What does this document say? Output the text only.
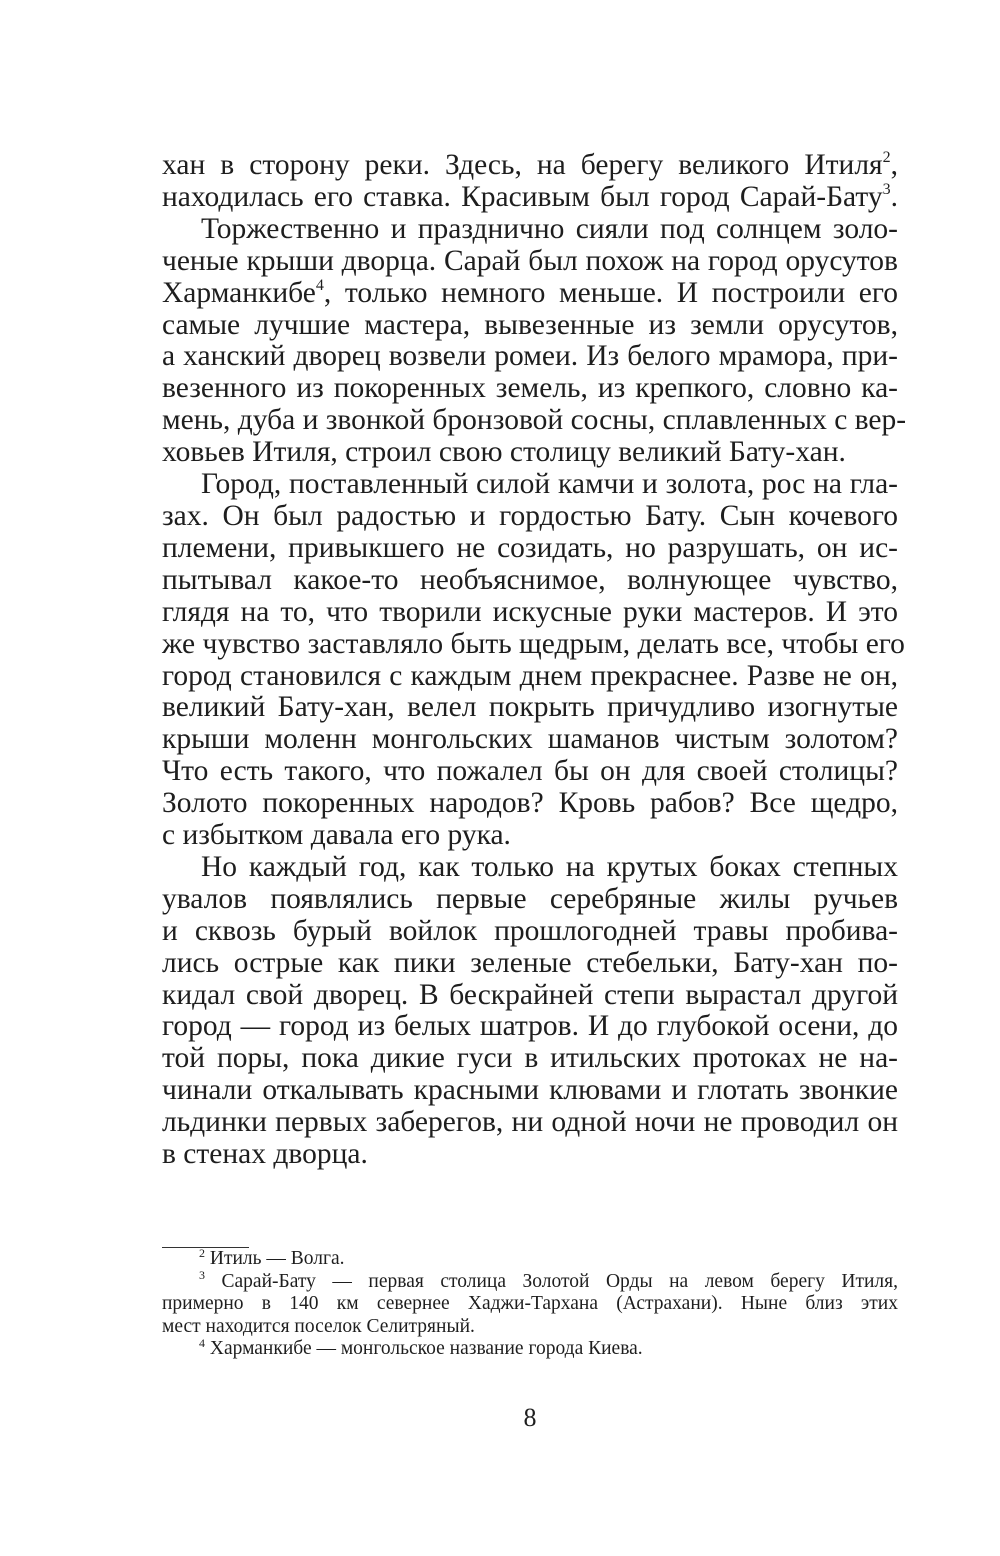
хан в сторону реки. Здесь, на берегу великого Итиля$^2$,
находилась его ставка. Красивым был город Сарай-Бату$^3$.
Торжественно и празднично сияли под солнцем золо-
ченые крыши дворца. Сарай был похож на город орусутов
Харманкибе$^4$, только немного меньше. И построили его
самые лучшие мастера, вывезенные из земли орусутов,
а ханский дворец возвели ромеи. Из белого мрамора, при-
везенного из покоренных земель, из крепкого, словно ка-
мень, дуба и звонкой бронзовой сосны, сплавленных с вер-
ховьев Итиля, строил свою столицу великий Бату-хан.
Город, поставленный силой камчи и золота, рос на гла-
зах. Он был радостью и гордостью Бату. Сын кочевого
племени, привыкшего не созидать, но разрушать, он ис-
пытывал какое-то необъяснимое, волнующее чувство,
глядя на то, что творили искусные руки мастеров. И это
же чувство заставляло быть щедрым, делать все, чтобы его
город становился с каждым днем прекраснее. Разве не он,
великий Бату-хан, велел покрыть причудливо изогнутые
крыши моленн монгольских шаманов чистым золотом?
Что есть такого, что пожалел бы он для своей столицы?
Золото покоренных народов? Кровь рабов? Все щедро,
с избытком давала его рука.
Но каждый год, как только на крутых боках степных
увалов появлялись первые серебряные жилы ручьев
и сквозь бурый войлок прошлогодней травы пробива-
лись острые как пики зеленые стебельки, Бату-хан по-
кидал свой дворец. В бескрайней степи вырастал другой
город — город из белых шатров. И до глубокой осени, до
той поры, пока дикие гуси в итильских протоках не на-
чинали откалывать красными клювами и глотать звонкие
льдинки первых заберегов, ни одной ночи не проводил он
в стенах дворца.
$^2$ Итиль — Волга.
$^3$ Сарай-Бату — первая столица Золотой Орды на левом берегу Итиля,
примерно в 140 км севернее Хаджи-Тархана (Астрахани). Ныне близ этих
мест находится поселок Селитряный.
$^4$ Харманкибе — монгольское название города Киева.
8
